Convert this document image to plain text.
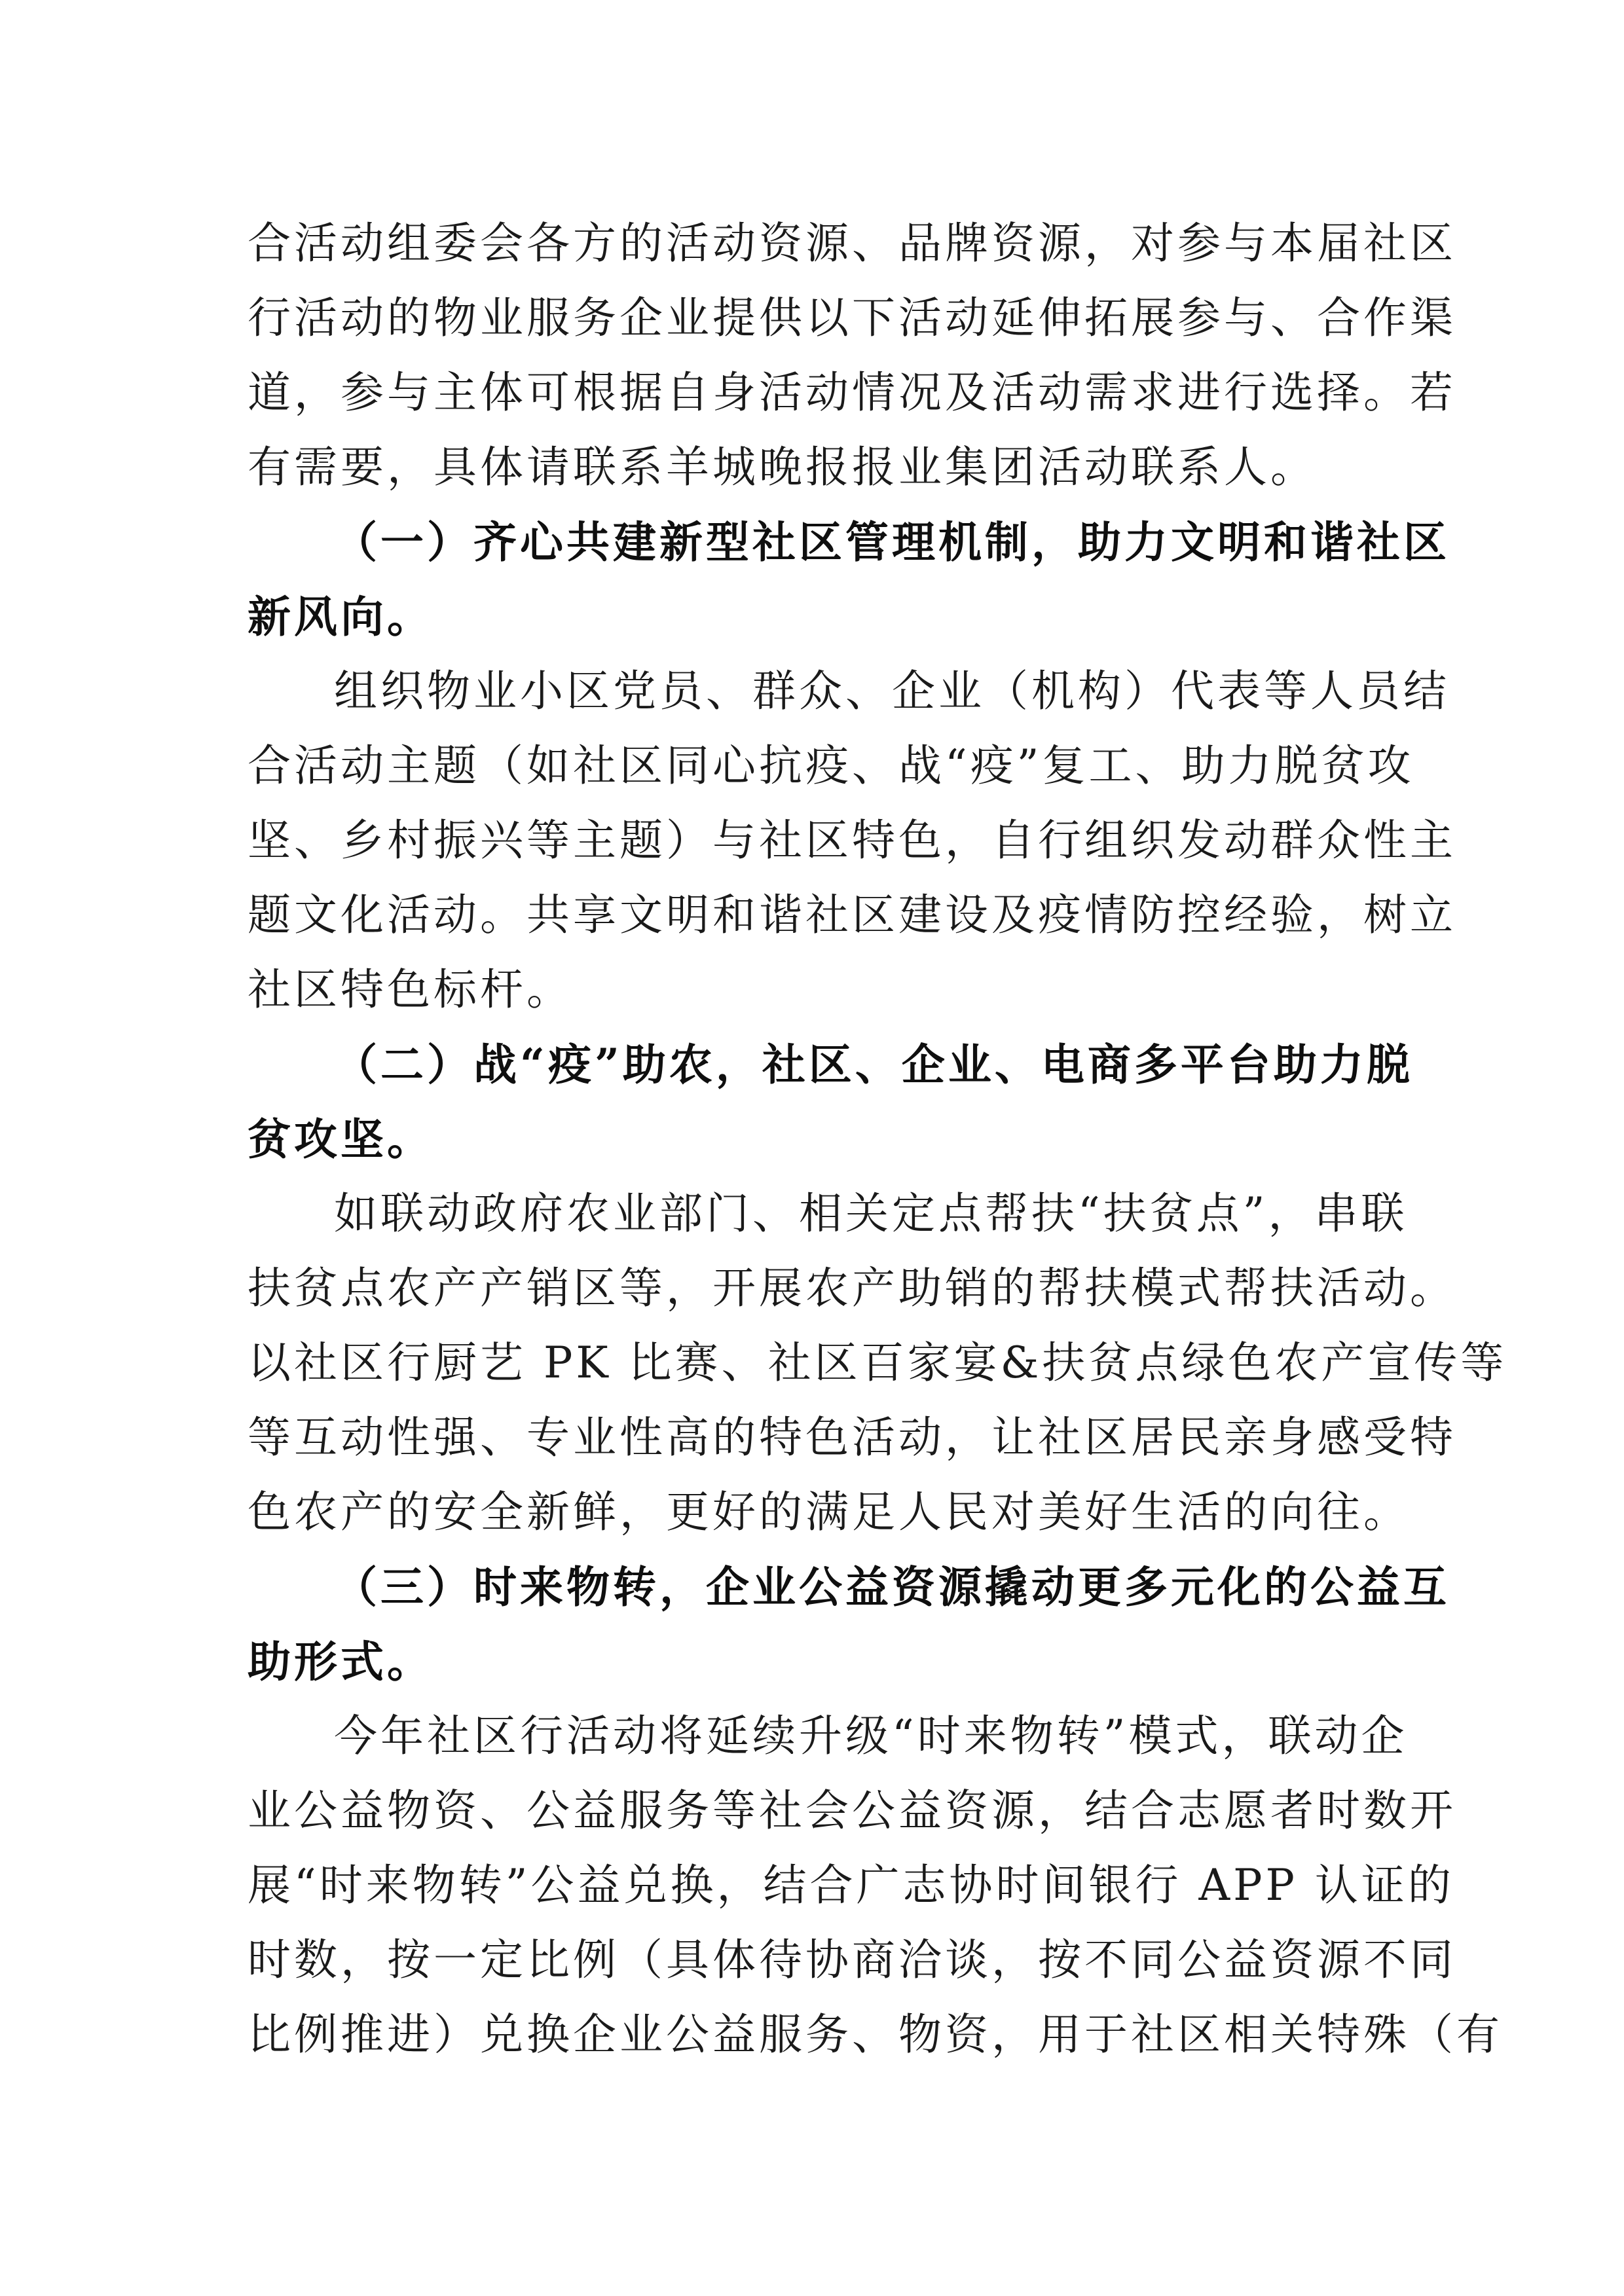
合活动组委会各方的活动资源、品牌资源，对参与本届社区
行活动的物业服务企业提供以下活动延伸拓展参与、合作渠
道，参与主体可根据自身活动情况及活动需求进行选择。若
有需要，具体请联系羊城晚报报业集团活动联系人。
（一）齐心共建新型社区管理机制，助力文明和谐社区
新风向。
组织物业小区党员、群众、企业（机构）代表等人员结
合活动主题（如社区同心抗疫、战“疫”复工、助力脱贫攻
坚、乡村振兴等主题）与社区特色，自行组织发动群众性主
题文化活动。共享文明和谐社区建设及疫情防控经验，树立
社区特色标杆。
（二）战“疫”助农，社区、企业、电商多平台助力脱
贫攻坚。
如联动政府农业部门、相关定点帮扶“扶贫点”，串联
扶贫点农产产销区等，开展农产助销的帮扶模式帮扶活动。
以社区行厨艺 PK 比赛、社区百家宴&扶贫点绿色农产宣传等
等互动性强、专业性高的特色活动，让社区居民亲身感受特
色农产的安全新鲜，更好的满足人民对美好生活的向往。
（三）时来物转，企业公益资源撬动更多元化的公益互
助形式。
今年社区行活动将延续升级“时来物转”模式，联动企
业公益物资、公益服务等社会公益资源，结合志愿者时数开
展“时来物转”公益兑换，结合广志协时间银行 APP 认证的
时数，按一定比例（具体待协商洽谈，按不同公益资源不同
比例推进）兑换企业公益服务、物资，用于社区相关特殊（有
